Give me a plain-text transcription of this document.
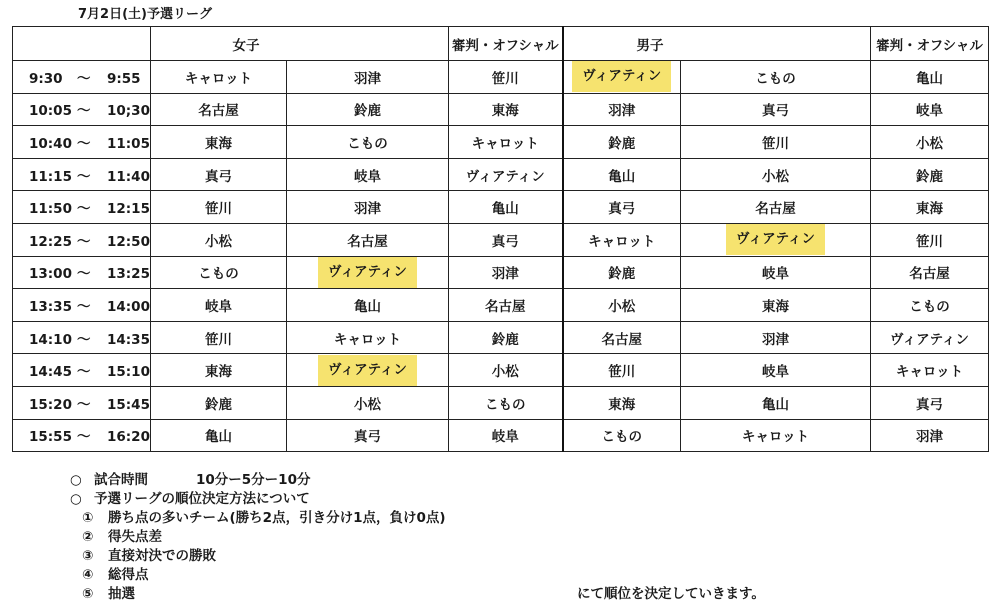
7月2日(土)予選リーグ
		女子	審判・オフシャル		男子	審判・オフシャル
9:30 〜 9:55	キャロット	羽津	笹川	ヴィアティン	こもの	亀山
10:05 〜 10;30	名古屋	鈴鹿	東海	羽津	真弓	岐阜
10:40 〜 11:05	東海	こもの	キャロット	鈴鹿	笹川	小松
11:15 〜 11:40	真弓	岐阜	ヴィアティン	亀山	小松	鈴鹿
11:50 〜 12:15	笹川	羽津	亀山	真弓	名古屋	東海
12:25 〜 12:50	小松	名古屋	真弓	キャロット	ヴィアティン	笹川
13:00 〜 13:25	こもの	ヴィアティン	羽津	鈴鹿	岐阜	名古屋
13:35 〜 14:00	岐阜	亀山	名古屋	小松	東海	こもの
14:10 〜 14:35	笹川	キャロット	鈴鹿	名古屋	羽津	ヴィアティン
14:45 〜 15:10	東海	ヴィアティン	小松	笹川	岐阜	キャロット
15:20 〜 15:45	鈴鹿	小松	こもの	東海	亀山	真弓
15:55 〜 16:20	亀山	真弓	岐阜	こもの	キャロット	羽津
○ 試合時間	10分ー5分ー10分
○ 予選リーグの順位決定方法について
① 勝ち点の多いチーム(勝ち2点，引き分け1点，負け0点)
② 得失点差
③ 直接対決での勝敗
④ 総得点
⑤ 抽選	にて順位を決定していきます。
